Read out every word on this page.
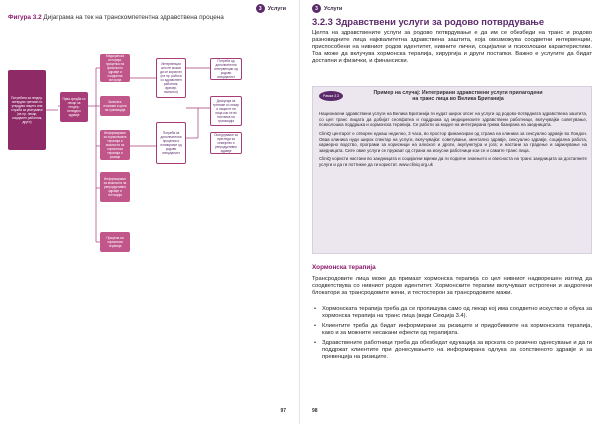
3	Услуги
Фигура 3.2 Дијаграма на тек на транскомпетентна здравствена процена
Потребата за гендер-потврдни третман ги утврдува лицето или служба за упатување (на пр. лекар, социјален работник, друго)
Прва средба со лекар за гендер-потврдно здравје
Медицинска историја, проценка на физичкото здравје и социјална историја
Залогата, планови и цели на транзиција
Информирање за хормонската терапија и можности за хормонска терапија и ризици
Информирање за можности за репродуктивно здравје и гестација
Процена на хормонска терапија
Интервенции што не можат да се користат (на пр. работа со здравствен работник, фризер, психолог)
Потреба за дополнителна проценка и планирање од родови специјалист
Потреба од дополнителни интервенции од родови специјалист
Дискусија за третман со лекар и пациент на лица кои се во постапка на транзиција
Осигурување за прегледи за семејство и репродуктивно здравје
97
3	Услуги
3.2.3 Здравствени услуги за родово потврдување
Целта на здравствените услуги за родово потврдување е да им се обезбеди на транс и родово разновидните лица најквалитетна здравствена заштита, која овозможува соодветни интервенции, приспособени на нивниот родов идентитет, нивните лични, социјални и психолошки карактеристики. Тоа може да вклучува хормонска терапија, хирургија и други постапки. Важно е услугите да бидат достапни и физички, и финансиски.
Рамка 3.3	Пример на случај: Интегрирани здравствени услуги прилагодени на транс лица во Велика Британија

Национални здравствени услуги на Велика Британија ги нудат широк опсег на услуги од родово-потврдната здравствена заштита, со цел транс лицата да добијат сеопфатна и поддршка од медицинските здравствени работници, вклучувајќи советување, психолошка поддршка и хормонска терапија. Се работи за модел на интегрирана грижа базирана на заедницата.

CliniQ центарот е отворен еднаш неделно, 3 часа, во простор финансиран од страна на клиника за сексуално здравје во Лондон. Оваа клиника нуди широк спектар на услуги, вклучувајќи: советување, ментално здравје, сексуално здравје, социјална работа, кариерно водство, програми за корисници на алкохол и дроги, акупунктура и јога; и настани за градење и зајакнување на заедницата. Сите овие услуги се пружаат од страна на искусни работници кои се и самите транс лица.

CliniQ користи настани во заедницата и социјални мрежи да ги подигне знаењето и свесноста на транс заедницата за достапните услуги и да ги поттикне да ги користат. www.cliniq.org.uk

Хормонска терапија
Трансродовите лица може да примаат хормонска терапија со цел нивниот надворешен изглед да соодветствува со нивниот родов идентитет. Хормонските терапии вклучуваат естрогени и андрогени блокатори за трансродовите жени, и тестостерон за трансродовите мажи.
• Хормонската терапија треба да се пропишува само од лекар кој има соодветно искуство и обука за хормонска терапија на транс лица (види Секција 3.4).
• Клиентите треба да бидат информирани за ризиците и придобивките на хормонската терапија, како и за можните несакани ефекти од терапијата.
• Здравствените работници треба да обезбедат едукација за врската со ризично однесување и да ги поддржат клиентите при донесувањето на информирана одлука за сопственото здравје и за превенција на ризиците.
98
